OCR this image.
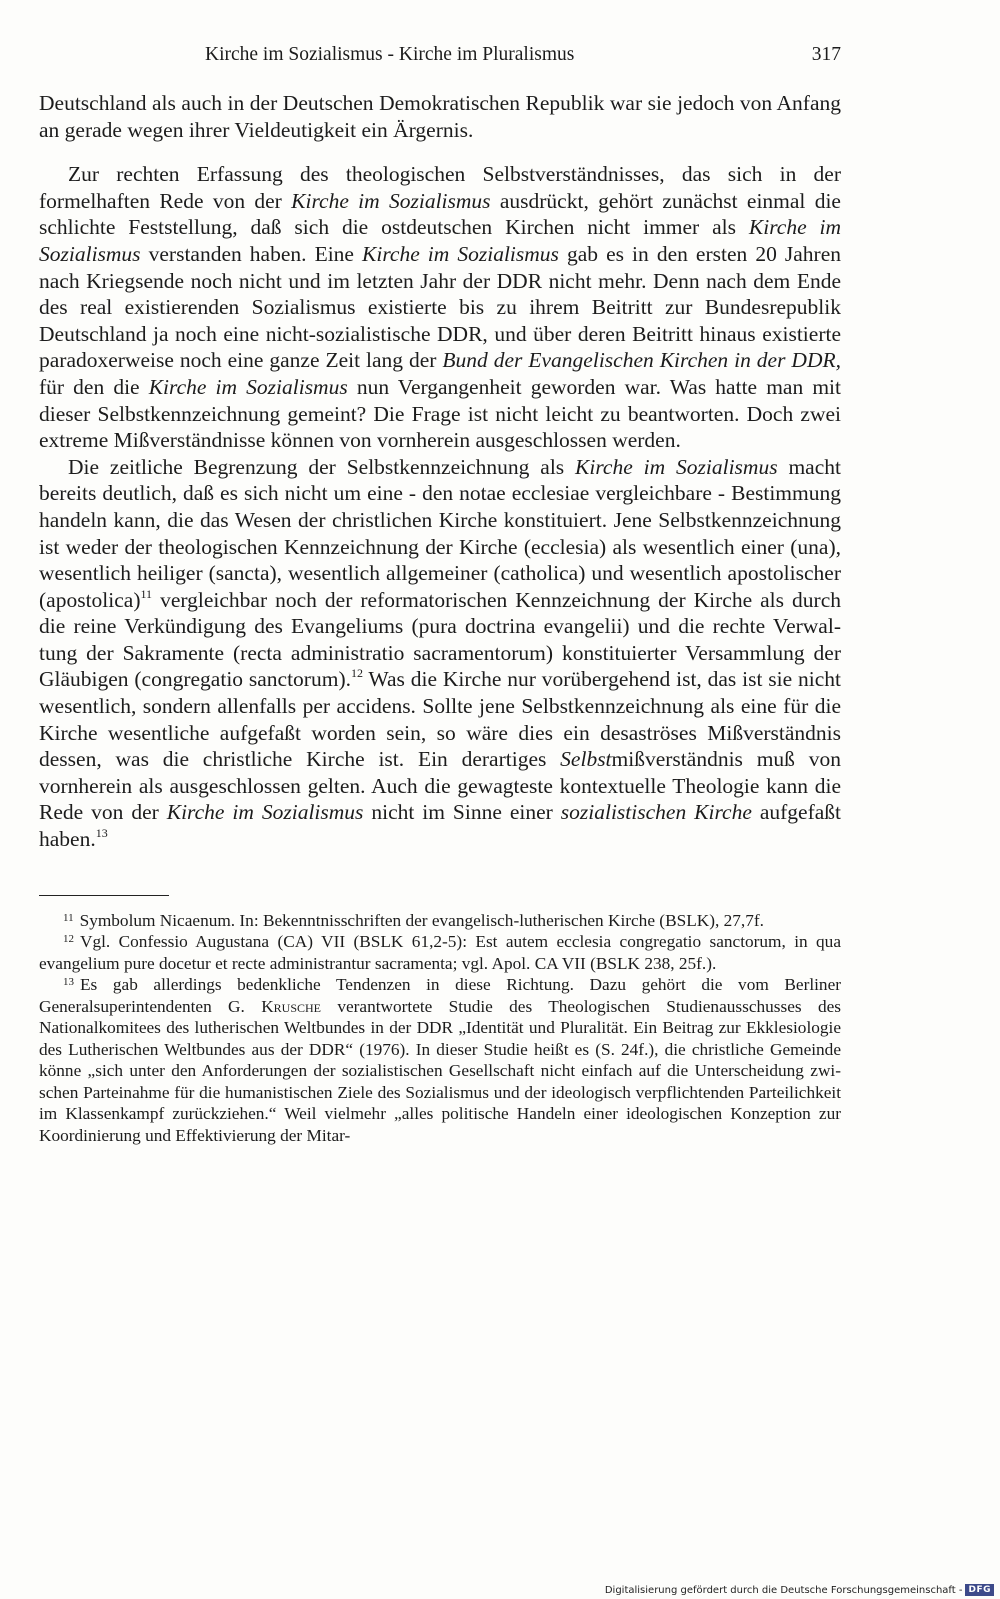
Kirche im Sozialismus - Kirche im Pluralismus	317

Deutschland als auch in der Deutschen Demokratischen Republik war sie jedoch von Anfang an gerade wegen ihrer Vieldeutigkeit ein Ärgernis.

Zur rechten Erfassung des theologischen Selbstverständnisses, das sich in der formelhaften Rede von der Kirche im Sozialismus ausdrückt, gehört zunächst einmal die schlichte Feststellung, daß sich die ostdeutschen Kirchen nicht immer als Kirche im Sozialismus verstanden haben. Eine Kirche im Sozialismus gab es in den ersten 20 Jahren nach Kriegsende noch nicht und im letzten Jahr der DDR nicht mehr. Denn nach dem Ende des real existierenden Sozialismus existierte bis zu ihrem Beitritt zur Bundesrepublik Deutschland ja noch eine nicht-sozialistische DDR, und über deren Beitritt hinaus existierte paradoxerweise noch eine ganze Zeit lang der Bund der Evangelischen Kirchen in der DDR, für den die Kirche im Sozialismus nun Vergangenheit geworden war. Was hatte man mit dieser Selbstkennzeichnung gemeint? Die Frage ist nicht leicht zu beantworten. Doch zwei extreme Mißverständnisse können von vornherein ausgeschlossen werden.

Die zeitliche Begrenzung der Selbstkennzeichnung als Kirche im Sozialismus macht bereits deutlich, daß es sich nicht um eine - den notae ecclesiae vergleichbare - Bestimmung handeln kann, die das Wesen der christlichen Kirche konstituiert. Jene Selbstkennzeichnung ist weder der theologischen Kennzeichnung der Kirche (ecclesia) als wesentlich einer (una), wesentlich heiliger (sancta), wesentlich allgemeiner (catholica) und wesentlich apostolischer (apostolica)$^{11}$ vergleichbar noch der reformatorischen Kennzeichnung der Kirche als durch die reine Verkündigung des Evangeliums (pura doctrina evangelii) und die rechte Verwaltung der Sakramente (recta administratio sacramentorum) konstituierter Versammlung der Gläubigen (congregatio sanctorum).$^{12}$ Was die Kirche nur vorübergehend ist, das ist sie nicht wesentlich, sondern allenfalls per accidens. Sollte jene Selbstkennzeichnung als eine für die Kirche wesentliche aufgefaßt worden sein, so wäre dies ein desaströses Mißverständnis dessen, was die christliche Kirche ist. Ein derartiges Selbstmißverständnis muß von vornherein als ausgeschlossen gelten. Auch die gewagteste kontextuelle Theologie kann die Rede von der Kirche im Sozialismus nicht im Sinne einer sozialistischen Kirche aufgefaßt haben.$^{13}$

$^{11}$ Symbolum Nicaenum. In: Bekenntnisschriften der evangelisch-lutherischen Kirche (BSLK), 27,7f.

$^{12}$ Vgl. Confessio Augustana (CA) VII (BSLK 61,2-5): Est autem ecclesia congregatio sanctorum, in qua evangelium pure docetur et recte administrantur sacramenta; vgl. Apol. CA VII (BSLK 238, 25f.).

$^{13}$ Es gab allerdings bedenkliche Tendenzen in diese Richtung. Dazu gehört die vom Berliner Generalsuperintendenten G. Krusche verantwortete Studie des Theologischen Studienausschusses des Nationalkomitees des lutherischen Weltbundes in der DDR „Identität und Pluralität. Ein Beitrag zur Ekklesiologie des Lutherischen Weltbundes aus der DDR“ (1976). In dieser Studie heißt es (S. 24f.), die christliche Gemeinde könne „sich unter den Anforderungen der sozialistischen Gesellschaft nicht einfach auf die Unterscheidung zwischen Parteinahme für die humanistischen Ziele des Sozialismus und der ideologisch verpflichtenden Parteilichkeit im Klassenkampf zurückziehen.“ Weil vielmehr „alles politische Handeln einer ideologischen Konzeption zur Koordinierung und Effektivierung der Mitar-

Digitalisierung gefördert durch die Deutsche Forschungsgemeinschaft - DFG
